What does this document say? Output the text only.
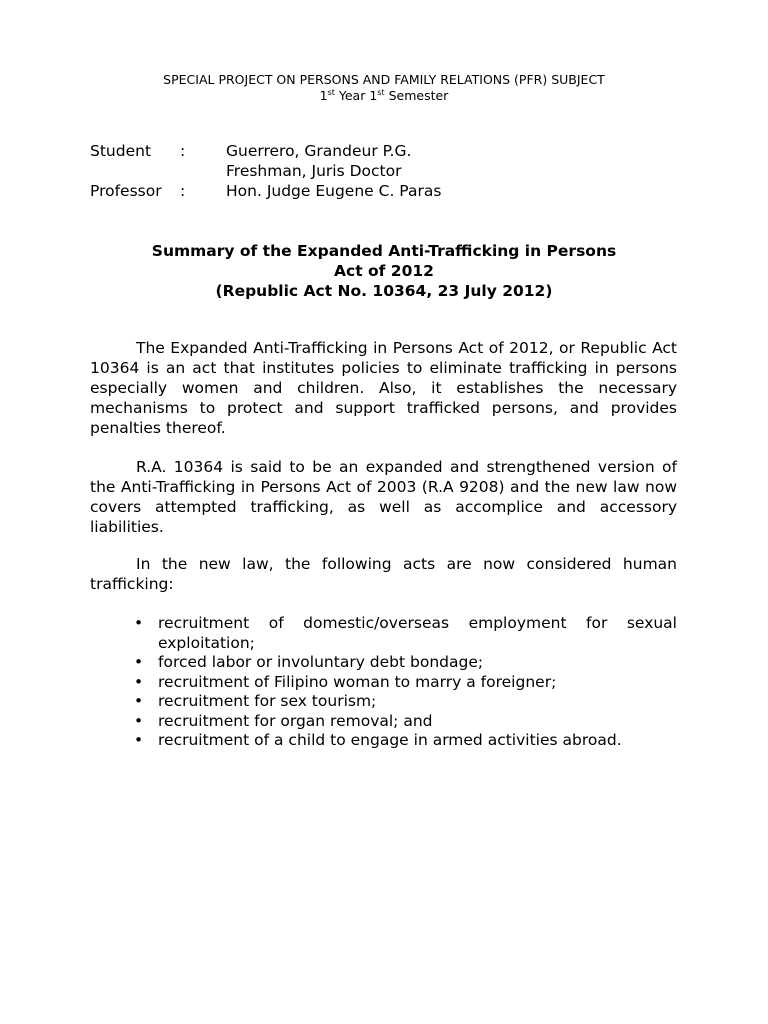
SPECIAL PROJECT ON PERSONS AND FAMILY RELATIONS (PFR) SUBJECT
1st Year 1st Semester
Student :	Guerrero, Grandeur P.G.
Freshman, Juris Doctor
Professor :	Hon. Judge Eugene C. Paras
Summary of the Expanded Anti-Trafficking in Persons
Act of 2012
(Republic Act No. 10364, 23 July 2012)

The Expanded Anti-Trafficking in Persons Act of 2012, or Republic Act 10364 is an act that institutes policies to eliminate trafficking in persons especially women and children. Also, it establishes the necessary mechanisms to protect and support trafficked persons, and provides penalties thereof.

R.A. 10364 is said to be an expanded and strengthened version of the Anti-Trafficking in Persons Act of 2003 (R.A 9208) and the new law now covers attempted trafficking, as well as accomplice and accessory liabilities.

In the new law, the following acts are now considered human trafficking:

• recruitment of domestic/overseas employment for sexual exploitation;
• forced labor or involuntary debt bondage;
• recruitment of Filipino woman to marry a foreigner;
• recruitment for sex tourism;
• recruitment for organ removal; and
• recruitment of a child to engage in armed activities abroad.
